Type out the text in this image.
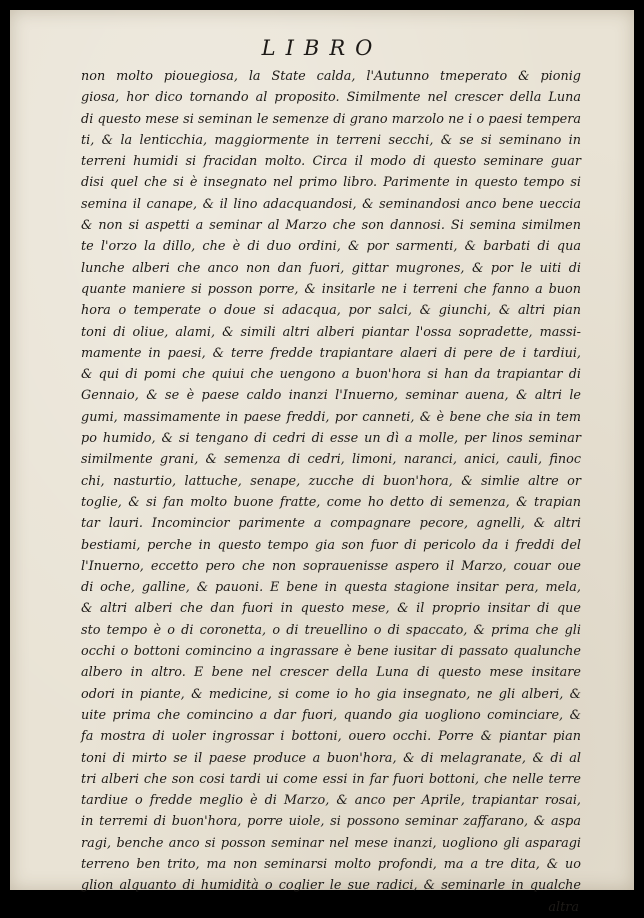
LIBRO
non molto piouegiosa, la State calda, l'Autunno tmeperato & pionig
giosa, hor dico tornando al proposito. Similmente nel crescer della Luna
di questo mese si seminan le semenze di grano marzolo ne i o paesi tempera
ti, & la lenticchia, maggiormente in terreni secchi, & se si seminano in
terreni humidi si fracidan molto. Circa il modo di questo seminare guar
disi quel che si è insegnato nel primo libro. Parimente in questo tempo si
semina il canape, & il lino adacquandosi, & seminandosi anco bene ueccia
& non si aspetti a seminar al Marzo che son dannosi. Si semina similmen
te l'orzo la dillo, che è di duo ordini, & por sarmenti, & barbati di qua
lunche alberi che anco non dan fuori, gittar mugrones, & por le uiti di
quante maniere si posson porre, & insitarle ne i terreni che fanno a buon
hora o temperate o doue si adacqua, por salci, & giunchi, & altri pian
toni di oliue, alami, & simili altri alberi piantar l'ossa sopradette, massi-
mamente in paesi, & terre fredde trapiantare alaeri di pere de i tardiui,
& qui di pomi che quiui che uengono a buon'hora si han da trapiantar di
Gennaio, & se è paese caldo inanzi l'Inuerno, seminar auena, & altri le
gumi, massimamente in paese freddi, por canneti, & è bene che sia in tem
po humido, & si tengano di cedri di esse un dì a molle, per linos seminar
similmente grani, & semenza di cedri, limoni, naranci, anici, cauli, finoc
chi, nasturtio, lattuche, senape, zucche di buon'hora, & simlie altre or
toglie, & si fan molto buone fratte, come ho detto di semenza, & trapian
tar lauri. Incomincior parimente a compagnare pecore, agnelli, & altri
bestiami, perche in questo tempo gia son fuor di pericolo da i freddi del
l'Inuerno, eccetto pero che non soprauenisse aspero il Marzo, couar oue
di oche, galline, & pauoni. E bene in questa stagione insitar pera, mela,
& altri alberi che dan fuori in questo mese, & il proprio insitar di que
sto tempo è o di coronetta, o di treuellino o di spaccato, & prima che gli
occhi o bottoni comincino a ingrassare è bene iusitar di passato qualunche
albero in altro. E bene nel crescer della Luna di questo mese insitare
odori in piante, & medicine, si come io ho gia insegnato, ne gli alberi, &
uite prima che comincino a dar fuori, quando gia uogliono cominciare, &
fa mostra di uoler ingrossar i bottoni, ouero occhi. Porre & piantar pian
toni di mirto se il paese produce a buon'hora, & di melagranate, & di al
tri alberi che son cosi tardi ui come essi in far fuori bottoni, che nelle terre
tardiue o fredde meglio è di Marzo, & anco per Aprile, trapiantar rosai,
in terremi di buon'hora, porre uiole, si possono seminar zaffarano, & aspa
ragi, benche anco si posson seminar nel mese inanzi, uogliono gli asparagi
terreno ben trito, ma non seminarsi molto profondi, ma a tre dita, & uo
glion alquanto di humidità o coglier le sue radici, & seminarle in qualche
altra
